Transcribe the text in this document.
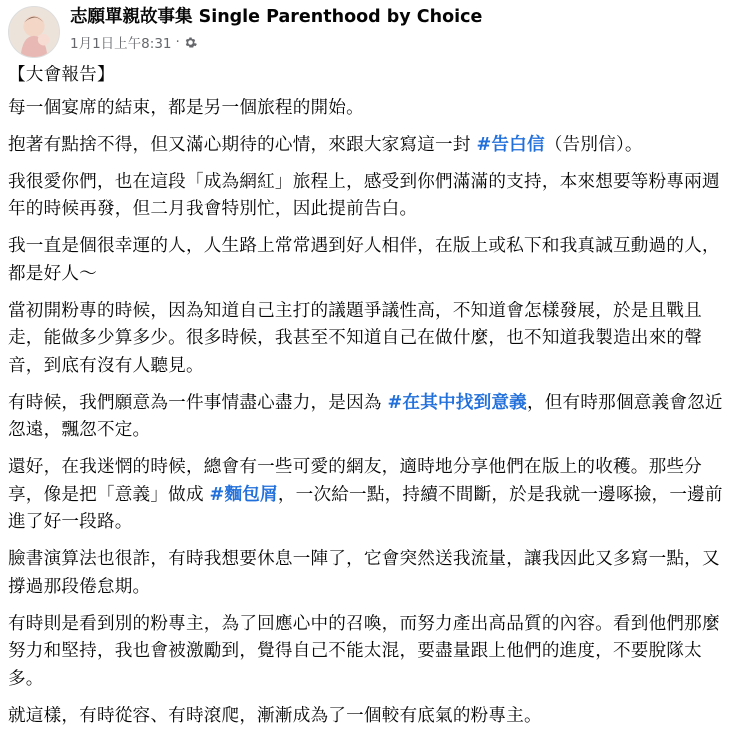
志願單親故事集 Single Parenthood by Choice
1月1日上午8:31 ·

【大會報告】

每一個宴席的結束，都是另一個旅程的開始。

抱著有點捨不得，但又滿心期待的心情，來跟大家寫這一封 #告白信（告別信）。

我很愛你們，也在這段「成為網紅」旅程上，感受到你們滿滿的支持，本來想要等粉專兩週年的時候再發，但二月我會特別忙，因此提前告白。

我一直是個很幸運的人，人生路上常常遇到好人相伴，在版上或私下和我真誠互動過的人，都是好人～

當初開粉專的時候，因為知道自己主打的議題爭議性高，不知道會怎樣發展，於是且戰且走，能做多少算多少。很多時候，我甚至不知道自己在做什麼，也不知道我製造出來的聲音，到底有沒有人聽見。

有時候，我們願意為一件事情盡心盡力，是因為 #在其中找到意義，但有時那個意義會忽近忽遠，飄忽不定。

還好，在我迷惘的時候，總會有一些可愛的網友，適時地分享他們在版上的收穫。那些分享，像是把「意義」做成 #麵包屑，一次給一點，持續不間斷，於是我就一邊啄撿，一邊前進了好一段路。

臉書演算法也很詐，有時我想要休息一陣了，它會突然送我流量，讓我因此又多寫一點，又撐過那段倦怠期。

有時則是看到別的粉專主，為了回應心中的召喚，而努力產出高品質的內容。看到他們那麼努力和堅持，我也會被激勵到，覺得自己不能太混，要盡量跟上他們的進度，不要脫隊太多。

就這樣，有時從容、有時滾爬，漸漸成為了一個較有底氣的粉專主。
